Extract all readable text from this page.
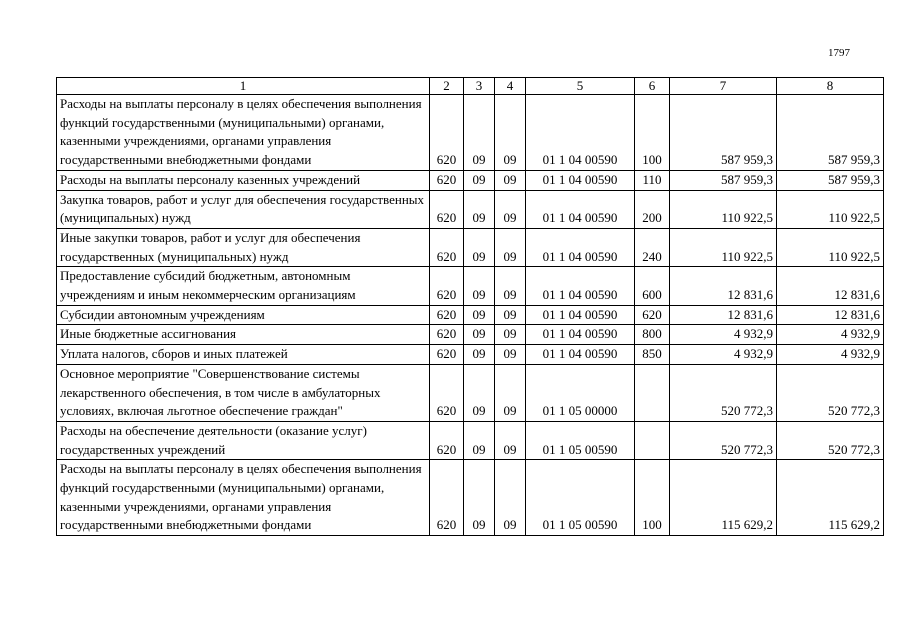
1797
1	2	3	4	5	6	7	8
Расходы на выплаты персоналу в целях обеспечения выполнения функций государственными (муниципальными) органами, казенными учреждениями, органами управления государственными внебюджетными фондами	620	09	09	01 1 04 00590	100	587 959,3	587 959,3
Расходы на выплаты персоналу казенных учреждений	620	09	09	01 1 04 00590	110	587 959,3	587 959,3
Закупка товаров, работ и услуг для обеспечения государственных (муниципальных) нужд	620	09	09	01 1 04 00590	200	110 922,5	110 922,5
Иные закупки товаров, работ и услуг для обеспечения государственных (муниципальных) нужд	620	09	09	01 1 04 00590	240	110 922,5	110 922,5
Предоставление субсидий бюджетным, автономным учреждениям и иным некоммерческим организациям	620	09	09	01 1 04 00590	600	12 831,6	12 831,6
Субсидии автономным учреждениям	620	09	09	01 1 04 00590	620	12 831,6	12 831,6
Иные бюджетные ассигнования	620	09	09	01 1 04 00590	800	4 932,9	4 932,9
Уплата налогов, сборов и иных платежей	620	09	09	01 1 04 00590	850	4 932,9	4 932,9
Основное мероприятие "Совершенствование системы лекарственного обеспечения, в том числе в амбулаторных условиях, включая льготное обеспечение граждан"	620	09	09	01 1 05 00000		520 772,3	520 772,3
Расходы на обеспечение деятельности (оказание услуг) государственных учреждений	620	09	09	01 1 05 00590		520 772,3	520 772,3
Расходы на выплаты персоналу в целях обеспечения выполнения функций государственными (муниципальными) органами, казенными учреждениями, органами управления государственными внебюджетными фондами	620	09	09	01 1 05 00590	100	115 629,2	115 629,2
